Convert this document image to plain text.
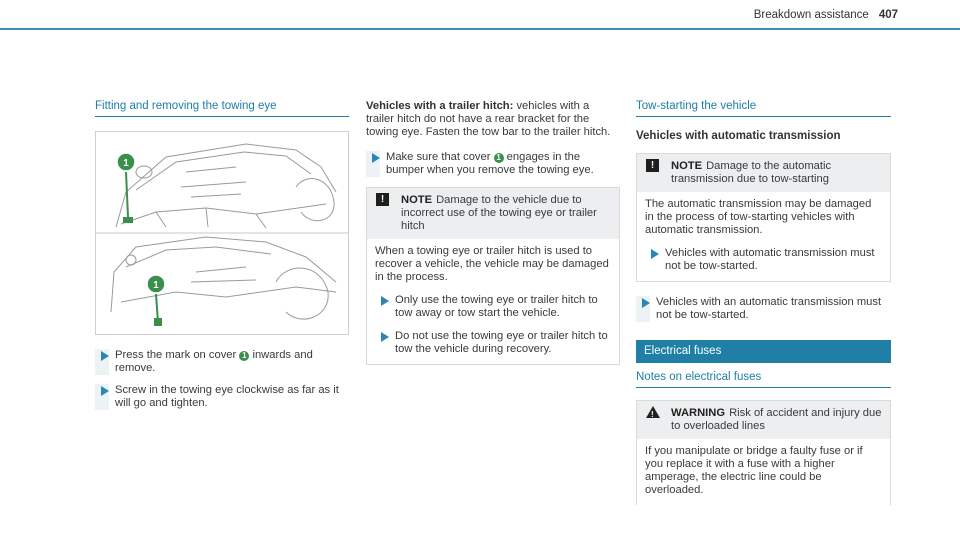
Breakdown assistance 407
Fitting and removing the towing eye
1
1
Press the mark on cover 1 inwards and remove.
Screw in the towing eye clockwise as far as it will go and tighten.
Vehicles with a trailer hitch: vehicles with a trailer hitch do not have a rear bracket for the towing eye. Fasten the tow bar to the trailer hitch.
Make sure that cover 1 engages in the bumper when you remove the towing eye.
!	NOTE Damage to the vehicle due to incorrect use of the towing eye or trailer hitch
When a towing eye or trailer hitch is used to recover a vehicle, the vehicle may be damaged in the process.
Only use the towing eye or trailer hitch to tow away or tow start the vehicle.
Do not use the towing eye or trailer hitch to tow the vehicle during recovery.
Tow-starting the vehicle
Vehicles with automatic transmission
!	NOTE Damage to the automatic transmission due to tow-starting
The automatic transmission may be damaged in the process of tow-starting vehicles with automatic transmission.
Vehicles with automatic transmission must not be tow-started.
Vehicles with an automatic transmission must not be tow-started.
Electrical fuses
Notes on electrical fuses
!
WARNING Risk of accident and injury due to overloaded lines
If you manipulate or bridge a faulty fuse or if you replace it with a fuse with a higher amperage, the electric line could be overloaded.
